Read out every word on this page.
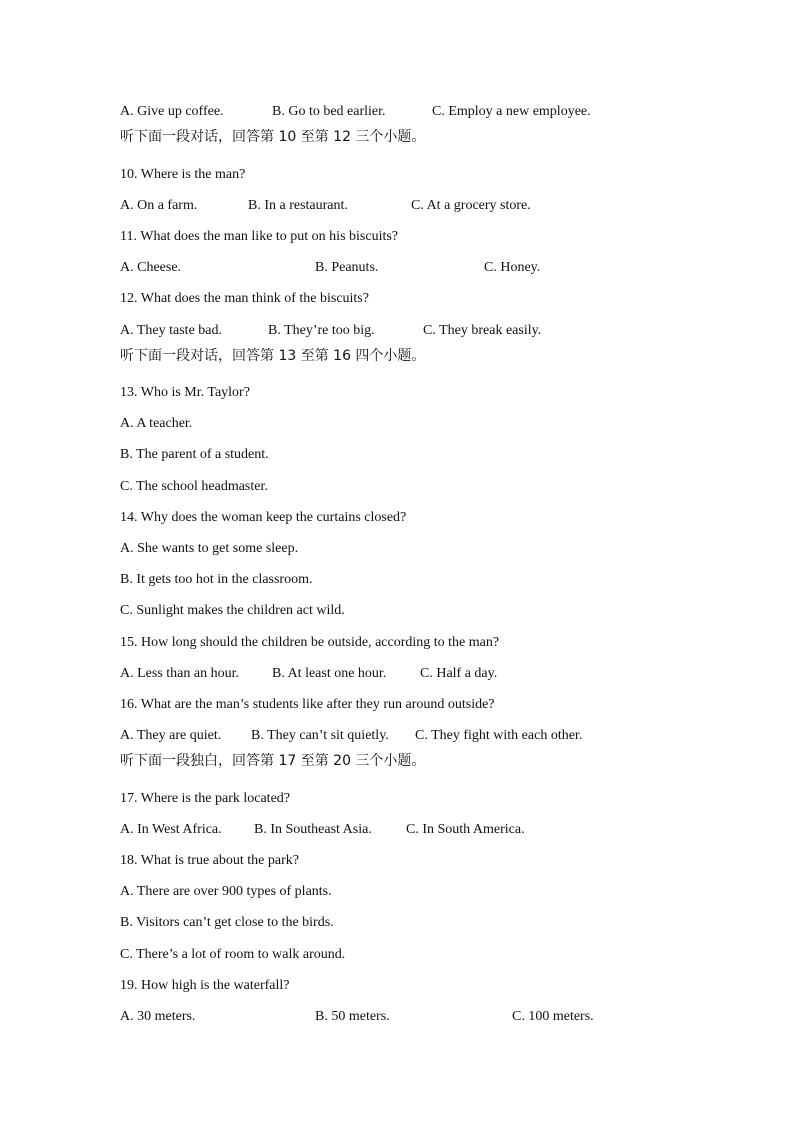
A. Give up coffee.	B. Go to bed earlier.	C. Employ a new employee.
听下面一段对话，回答第 10 至第 12 三个小题。
10. Where is the man?
A. On a farm.	B. In a restaurant.	C. At a grocery store.
11. What does the man like to put on his biscuits?
A. Cheese.	B. Peanuts.	C. Honey.
12. What does the man think of the biscuits?
A. They taste bad.	B. They’re too big.	C. They break easily.
听下面一段对话，回答第 13 至第 16 四个小题。
13. Who is Mr. Taylor?
A. A teacher.
B. The parent of a student.
C. The school headmaster.
14. Why does the woman keep the curtains closed?
A. She wants to get some sleep.
B. It gets too hot in the classroom.
C. Sunlight makes the children act wild.
15. How long should the children be outside, according to the man?
A. Less than an hour. B. At least one hour. C. Half a day.
16. What are the man’s students like after they run around outside?
A. They are quiet. B. They can’t sit quietly. C. They fight with each other.
听下面一段独白，回答第 17 至第 20 三个小题。
17. Where is the park located?
A. In West Africa. B. In Southeast Asia. C. In South America.
18. What is true about the park?
A. There are over 900 types of plants.
B. Visitors can’t get close to the birds.
C. There’s a lot of room to walk around.
19. How high is the waterfall?
A. 30 meters.	B. 50 meters.	C. 100 meters.
